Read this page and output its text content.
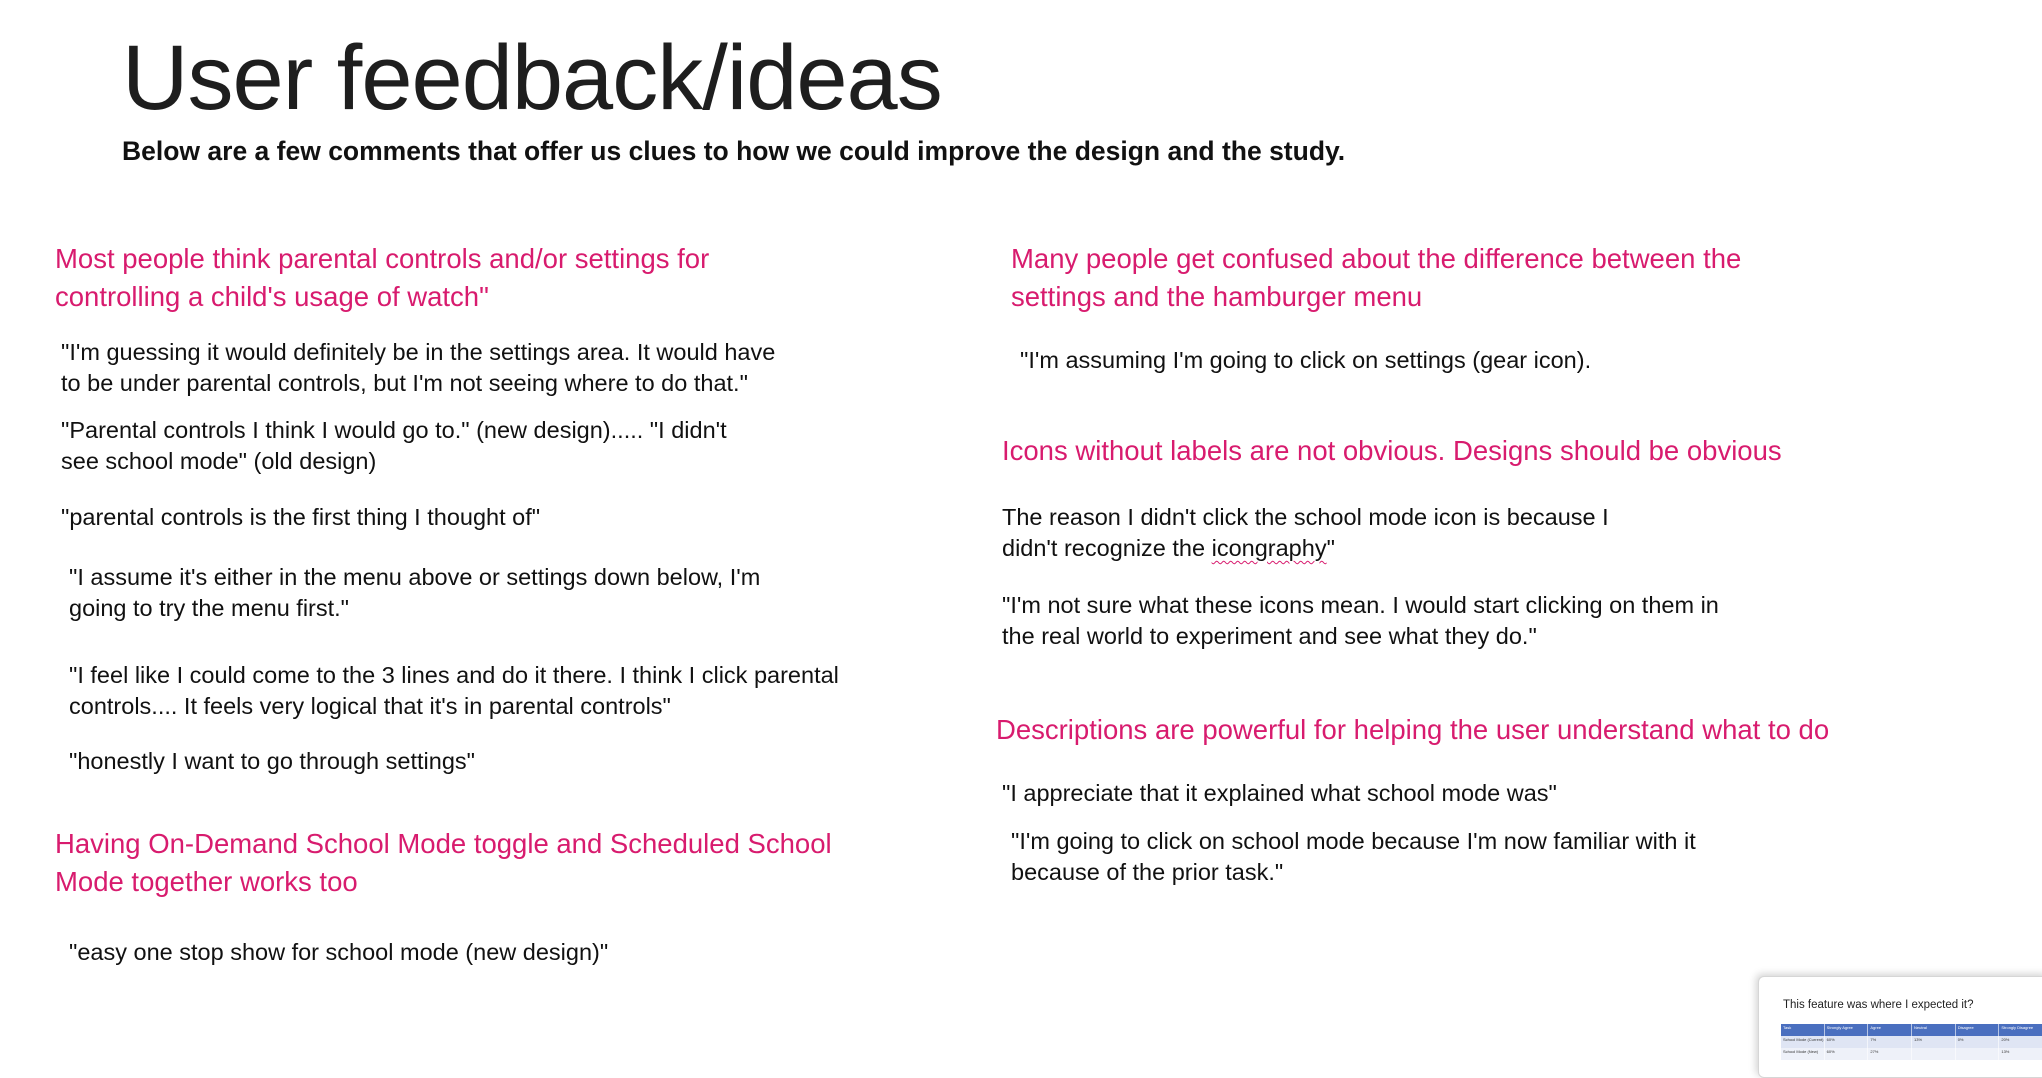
User feedback/ideas
Below are a few comments that offer us clues to how we could improve the design and the study.
Most people think parental controls and/or settings for
controlling a child's usage of watch"
"I'm guessing it would definitely be in the settings area. It would have
to be under parental controls, but I'm not seeing where to do that."
"Parental controls I think I would go to." (new design)..... "I didn't
see school mode" (old design)
"parental controls is the first thing I thought of"
"I assume it's either in the menu above or settings down below, I'm
going to try the menu first."
"I feel like I could come to the 3 lines and do it there. I think I click parental
controls.... It feels very logical that it's in parental controls"
"honestly I want to go through settings"
Having On-Demand School Mode toggle and Scheduled School
Mode together works too
"easy one stop show for school mode (new design)"
Many people get confused about the difference between the
settings and the hamburger menu
"I'm assuming I'm going to click on settings (gear icon).
Icons without labels are not obvious. Designs should be obvious
The reason I didn't click the school mode icon is because I
didn't recognize the icongraphy"
"I'm not sure what these icons mean. I would start clicking on them in
the real world to experiment and see what they do."
Descriptions are powerful for helping the user understand what to do
"I appreciate that it explained what school mode was"
"I'm going to click on school mode because I'm now familiar with it
because of the prior task."
This feature was where I expected it?
Task	Strongly Agree	Agree	Neutral	Disagree	Strongly Disagree
School Mode (Current) 60%	7%	13%	0%	20%
School Mode (New)	60%	27%	13%
